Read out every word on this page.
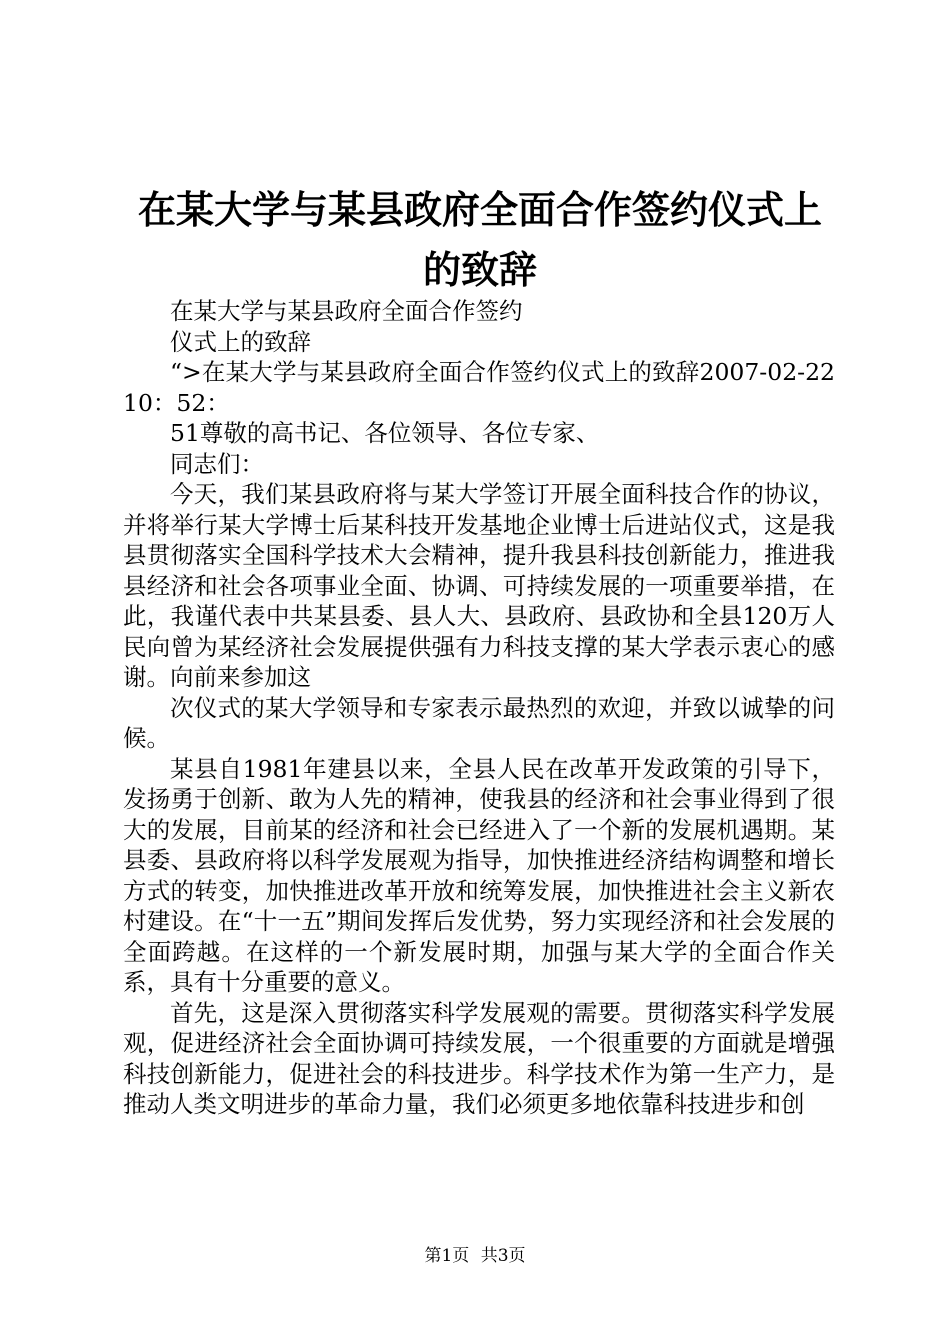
在某大学与某县政府全面合作签约仪式上的致辞

在某大学与某县政府全面合作签约

仪式上的致辞

“>在某大学与某县政府全面合作签约仪式上的致辞2007-02-2210：52：

51尊敬的高书记、各位领导、各位专家、

同志们：

今天，我们某县政府将与某大学签订开展全面科技合作的协议，并将举行某大学博士后某科技开发基地企业博士后进站仪式，这是我县贯彻落实全国科学技术大会精神，提升我县科技创新能力，推进我县经济和社会各项事业全面、协调、可持续发展的一项重要举措，在此，我谨代表中共某县委、县人大、县政府、县政协和全县120万人民向曾为某经济社会发展提供强有力科技支撑的某大学表示衷心的感谢。向前来参加这

次仪式的某大学领导和专家表示最热烈的欢迎，并致以诚挚的问候。

某县自1981年建县以来，全县人民在改革开发政策的引导下，发扬勇于创新、敢为人先的精神，使我县的经济和社会事业得到了很大的发展，目前某的经济和社会已经进入了一个新的发展机遇期。某县委、县政府将以科学发展观为指导，加快推进经济结构调整和增长方式的转变，加快推进改革开放和统筹发展，加快推进社会主义新农村建设。在“十一五”期间发挥后发优势，努力实现经济和社会发展的全面跨越。在这样的一个新发展时期，加强与某大学的全面合作关系，具有十分重要的意义。

首先，这是深入贯彻落实科学发展观的需要。贯彻落实科学发展观，促进经济社会全面协调可持续发展，一个很重要的方面就是增强科技创新能力，促进社会的科技进步。科学技术作为第一生产力，是推动人类文明进步的革命力量，我们必须更多地依靠科技进步和创

第1页 共3页
